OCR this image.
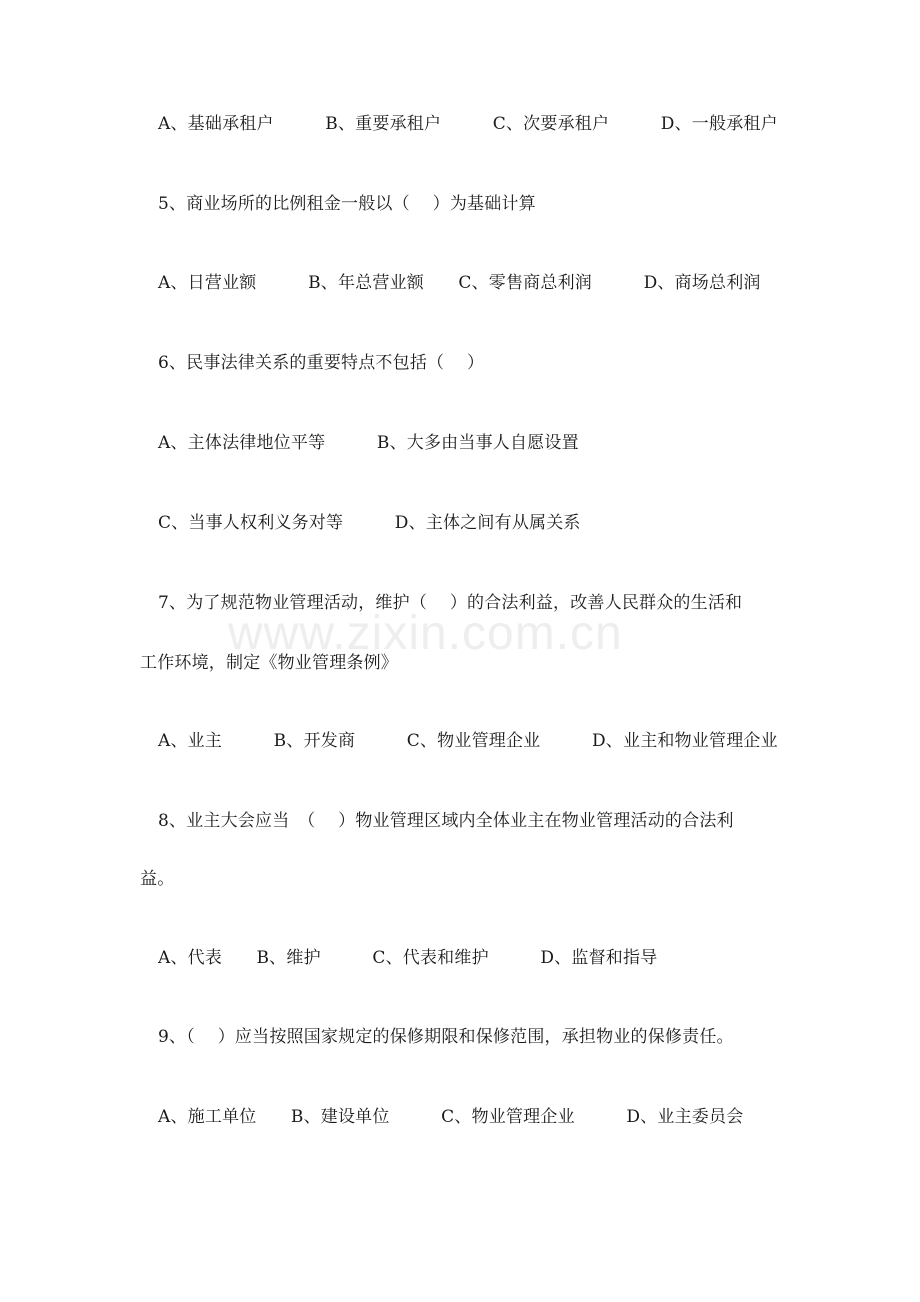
www.zixin.com.cn
A、基础承租户　　　B、重要承租户　　　C、次要承租户　　　D、一般承租户
5、商业场所的比例租金一般以（　 ）为基础计算
A、日营业额　　　B、年总营业额　　C、零售商总利润　　　D、商场总利润
6、民事法律关系的重要特点不包括（　 ）
A、主体法律地位平等　　　B、大多由当事人自愿设置
C、当事人权利义务对等　　　D、主体之间有从属关系
7、为了规范物业管理活动，维护（　 ）的合法利益，改善人民群众的生活和
工作环境，制定《物业管理条例》
A、业主　　　B、开发商　　　C、物业管理企业　　　D、业主和物业管理企业
8、业主大会应当　（　 ）物业管理区域内全体业主在物业管理活动的合法利
益。
A、代表　　B、维护　　　C、代表和维护　　　D、监督和指导
9、（　 ）应当按照国家规定的保修期限和保修范围，承担物业的保修责任。
A、施工单位　　B、建设单位　　　C、物业管理企业　　　D、业主委员会
